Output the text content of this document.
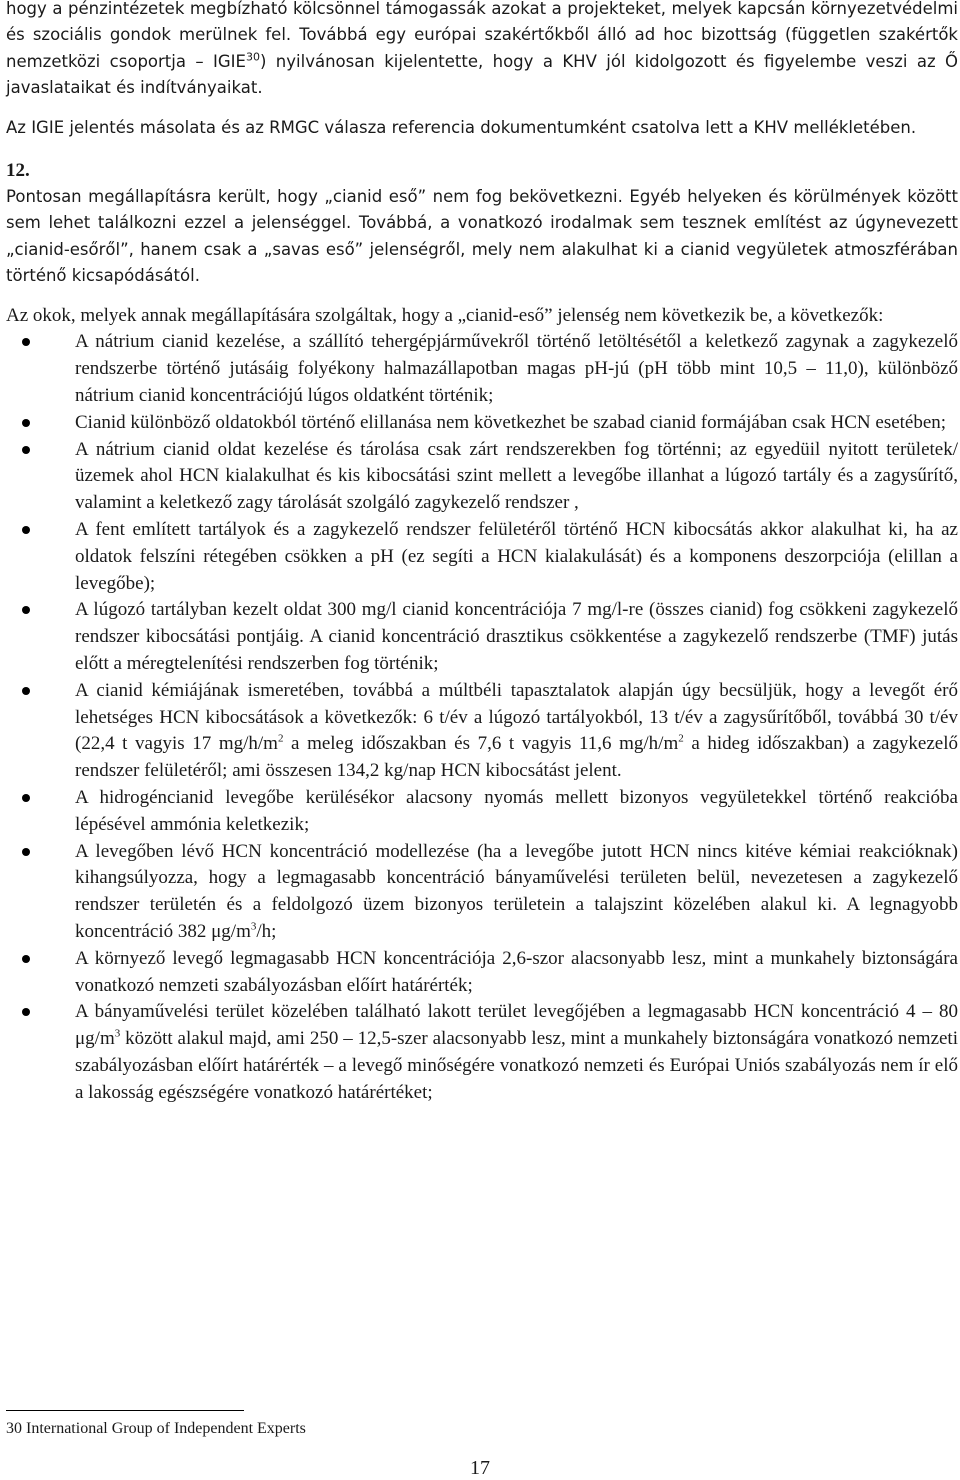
hogy a pénzintézetek megbízható kölcsönnel támogassák azokat a projekteket, melyek kapcsán környezetvédelmi és szociális gondok merülnek fel. Továbbá egy európai szakértőkből álló ad hoc bizottság (független szakértők nemzetközi csoportja – IGIE$^{30}$) nyilvánosan kijelentette, hogy a KHV jól kidolgozott és figyelembe veszi az Ő javaslataikat és indítványaikat.

Az IGIE jelentés másolata és az RMGC válasza referencia dokumentumként csatolva lett a KHV mellékletében.

12.

Pontosan megállapításra került, hogy „cianid eső” nem fog bekövetkezni. Egyéb helyeken és körülmények között sem lehet találkozni ezzel a jelenséggel. Továbbá, a vonatkozó irodalmak sem tesznek említést az úgynevezett „cianid-esőről”, hanem csak a „savas eső” jelenségről, mely nem alakulhat ki a cianid vegyületek atmoszférában történő kicsapódásától.

Az okok, melyek annak megállapítására szolgáltak, hogy a „cianid-eső” jelenség nem következik be, a következők:
A nátrium cianid kezelése, a szállító tehergépjárművekről történő letöltésétől a keletkező zagynak a zagykezelő rendszerbe történő jutásáig folyékony halmazállapotban magas pH-jú (pH több mint 10,5 – 11,0), különböző nátrium cianid koncentrációjú lúgos oldatként történik;
Cianid különböző oldatokból történő elillanása nem következhet be szabad cianid formájában csak HCN esetében;
A nátrium cianid oldat kezelése és tárolása csak zárt rendszerekben fog történni; az egyedüil nyitott területek/üzemek ahol HCN kialakulhat és kis kibocsátási szint mellett a levegőbe illanhat a lúgozó tartály és a zagysűrítő, valamint a keletkező zagy tárolását szolgáló zagykezelő rendszer ,
A fent említett tartályok és a zagykezelő rendszer felületéről történő HCN kibocsátás akkor alakulhat ki, ha az oldatok felszíni rétegében csökken a pH (ez segíti a HCN kialakulását) és a komponens deszorpciója (elillan a levegőbe);
A lúgozó tartályban kezelt oldat 300 mg/l cianid koncentrációja 7 mg/l-re (összes cianid) fog csökkeni zagykezelő rendszer kibocsátási pontjáig. A cianid koncentráció drasztikus csökkentése a zagykezelő rendszerbe (TMF) jutás előtt a méregtelenítési rendszerben fog történik;
A cianid kémiájának ismeretében, továbbá a múltbéli tapasztalatok alapján úgy becsüljük, hogy a levegőt érő lehetséges HCN kibocsátások a következők: 6 t/év a lúgozó tartályokból, 13 t/év a zagysűrítőből, továbbá 30 t/év (22,4 t vagyis 17 $mg/h/m^2$ a meleg időszakban és 7,6 t vagyis 11,6 $mg/h/m^2$ a hideg időszakban) a zagykezelő rendszer felületéről; ami összesen 134,2 kg/nap HCN kibocsátást jelent.
A hidrogéncianid levegőbe kerülésékor alacsony nyomás mellett bizonyos vegyületekkel történő reakcióba lépésével ammónia keletkezik;
A levegőben lévő HCN koncentráció modellezése (ha a levegőbe jutott HCN nincs kitéve kémiai reakcióknak) kihangsúlyozza, hogy a legmagasabb koncentráció bányaművelési területen belül, nevezetesen a zagykezelő rendszer területén és a feldolgozó üzem bizonyos területein a talajszint közelében alakul ki. A legnagyobb koncentráció 382 $\mu g/m^3/h$;
A környező levegő legmagasabb HCN koncentrációja 2,6-szor alacsonyabb lesz, mint a munkahely biztonságára vonatkozó nemzeti szabályozásban előírt határérték;
A bányaművelési terület közelében található lakott terület levegőjében a legmagasabb HCN koncentráció 4 – 80 $\mu g/m^3$ között alakul majd, ami 250 – 12,5-szer alacsonyabb lesz, mint a munkahely biztonságára vonatkozó nemzeti szabályozásban előírt határérték – a levegő minőségére vonatkozó nemzeti és Európai Uniós szabályozás nem ír elő a lakosság egészségére vonatkozó határértéket;
30 International Group of Independent Experts
17
